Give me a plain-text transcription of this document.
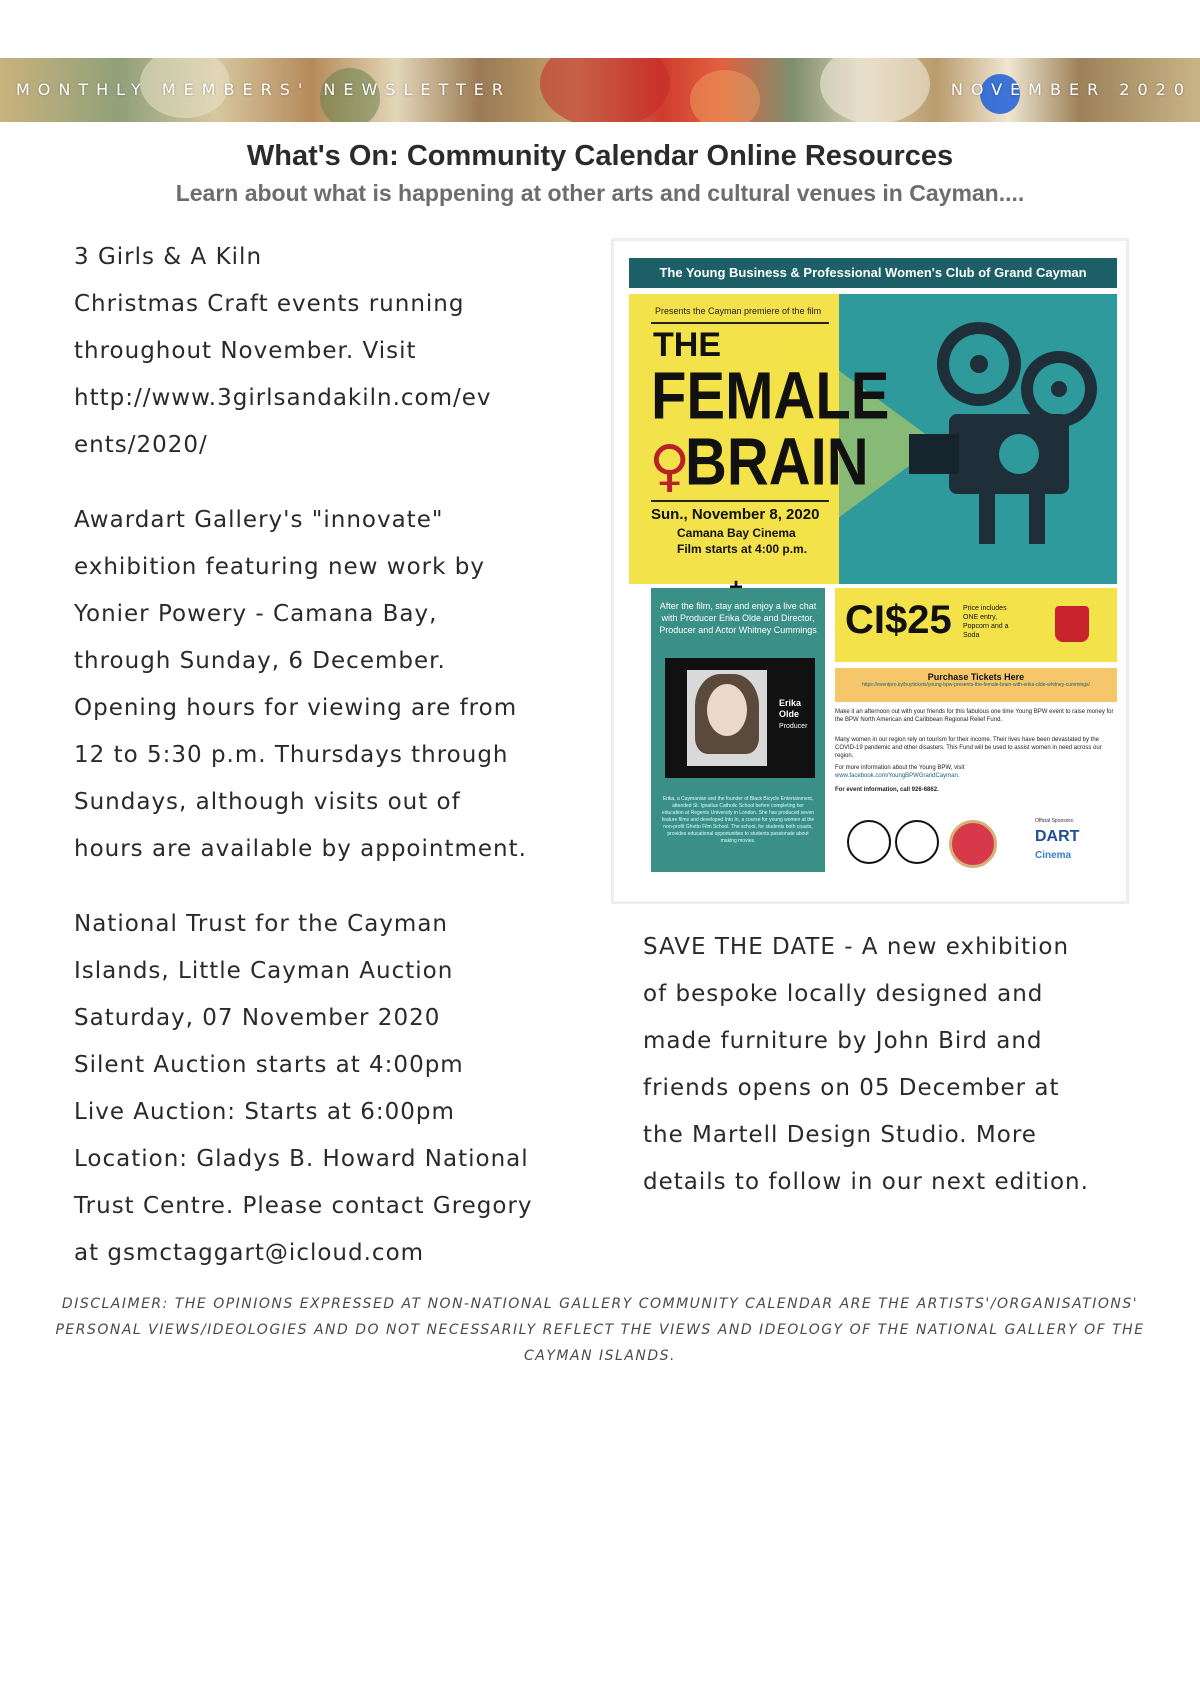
MONTHLY MEMBERS' NEWSLETTER	NOVEMBER 2020
What's On: Community Calendar Online Resources
Learn about what is happening at other arts and cultural venues in Cayman....

3 Girls & A Kiln

Christmas Craft events running

throughout November. Visit

http://www.3girlsandakiln.com/ev

ents/2020/

Awardart Gallery's "innovate"

exhibition featuring new work by

Yonier Powery - Camana Bay,

through Sunday, 6 December.

Opening hours for viewing are from

12 to 5:30 p.m. Thursdays through

Sundays, although visits out of

hours are available by appointment.

National Trust for the Cayman

Islands, Little Cayman Auction

Saturday, 07 November 2020

Silent Auction starts at 4:00pm

Live Auction: Starts at 6:00pm

Location: Gladys B. Howard National

Trust Centre. Please contact Gregory

at gsmctaggart@icloud.com

The Young Business & Professional Women's Club of Grand Cayman
Presents the Cayman premiere of the film
THE
FEMALE
♀
BRAIN
Sun., November 8, 2020
Camana Bay Cinema
Film starts at 4:00 p.m.
After the film, stay and enjoy a live chat with Producer Erika Olde and Director, Producer and Actor Whitney Cummings
Erika
Olde
Producer
Erika, a Caymanian and the founder of Black Bicycle Entertainment, attended St. Ignatius Catholic School before completing her education at Regents University in London. She has produced seven feature films and developed Into In, a course for young women at the non-profit Ghetto Film School. The school, for students both coasts, provides educational opportunities to students passionate about making movies.
CI$25 Price includes ONE entry, Popcorn and a Soda
Purchase Tickets Here
https://eventpro.ky/buytickets/young-bpw-presents-the-female-brain-with-erika-olde-whitney-cummings/
Make it an afternoon out with your friends for this fabulous one time Young BPW event to raise money for the BPW North American and Caribbean Regional Relief Fund.
Many women in our region rely on tourism for their income. Their lives have been devastated by the COVID-19 pandemic and other disasters. This Fund will be used to assist women in need across our region.
For more information about the Young BPW, visit
www.facebook.com/YoungBPWGrandCayman.
For event information, call 926-6862.
Official Sponsors:
DART
Cinema

SAVE THE DATE - A new exhibition

of bespoke locally designed and

made furniture by John Bird and

friends opens on 05 December at

the Martell Design Studio. More

details to follow in our next edition.

DISCLAIMER: THE OPINIONS EXPRESSED AT NON-NATIONAL GALLERY COMMUNITY CALENDAR ARE THE ARTISTS'/ORGANISATIONS' PERSONAL VIEWS/IDEOLOGIES AND DO NOT NECESSARILY REFLECT THE VIEWS AND IDEOLOGY OF THE NATIONAL GALLERY OF THE CAYMAN ISLANDS.
